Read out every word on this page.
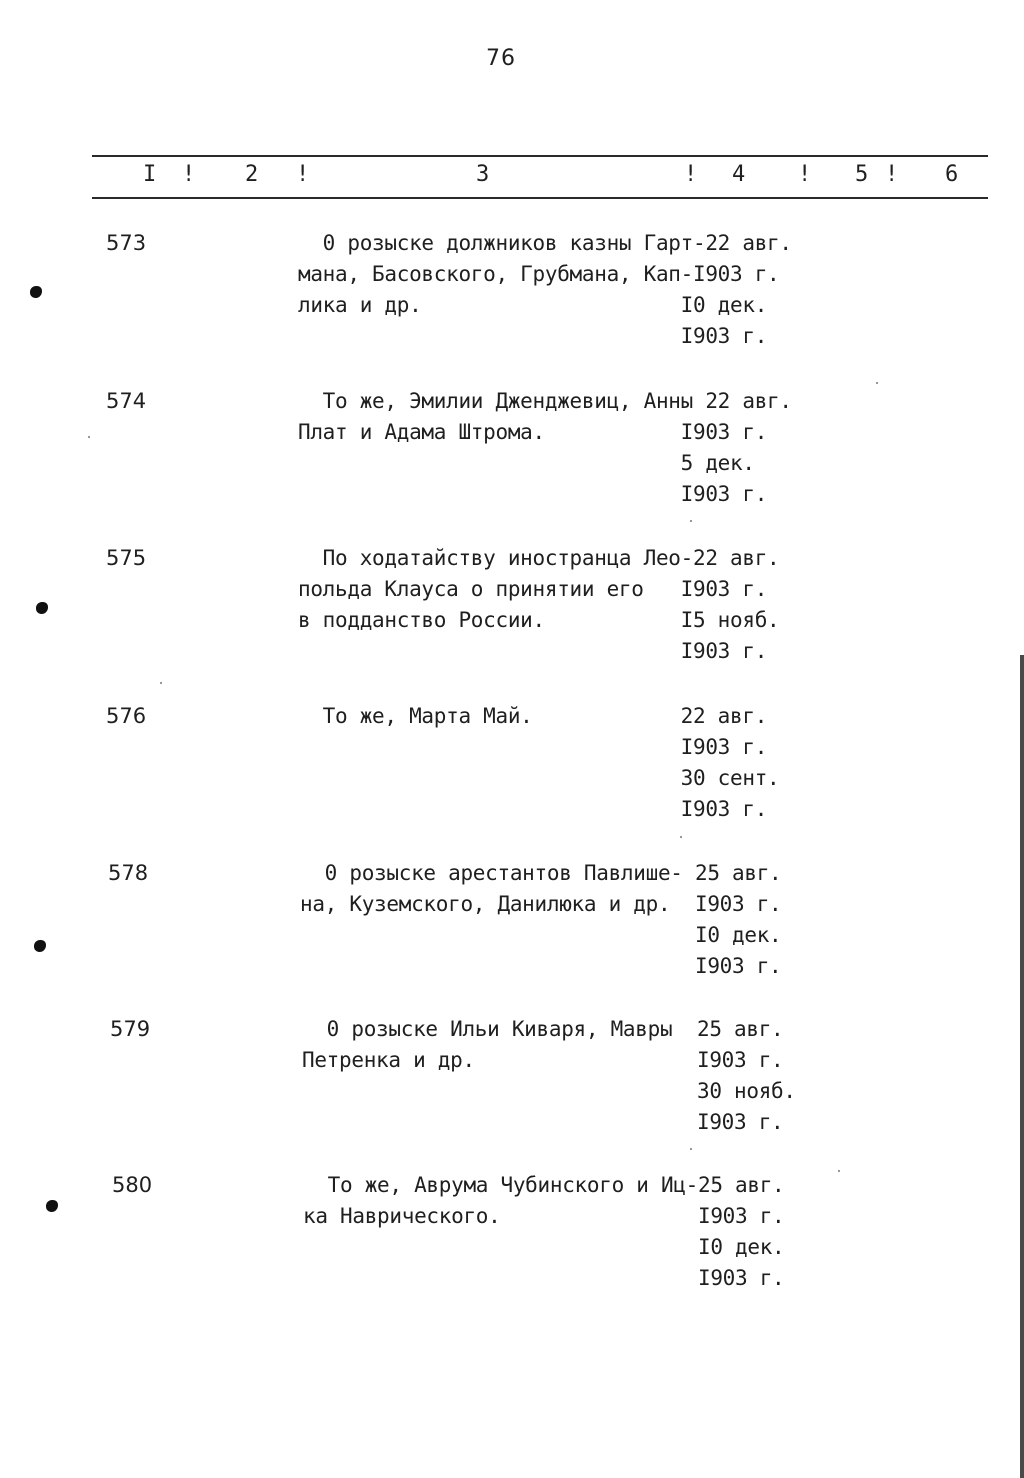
76
I ! 2 !	3	! 4 ! 5 ! 6
573	0 розыске должников казны Гарт-22 авг.
мана, Басовского, Грубмана, Кап-I903 г.
лика и др.                     I0 дек.
I903 г.
574	То же, Эмилии Дженджевиц, Анны 22 авг.
Плат и Адама Штрома.           I903 г.
5 дек.
I903 г.
575	По ходатайству иностранца Лео-22 авг.
польда Клауса о принятии его   I903 г.
в подданство России.           I5 нояб.
I903 г.
576	То же, Марта Май.            22 авг.
I903 г.
30 сент.
I903 г.
578	0 розыске арестантов Павлише- 25 авг.
на, Куземского, Данилюка и др.  I903 г.
I0 дек.
I903 г.
579	0 розыске Ильи Киваря, Мавры  25 авг.
Петренка и др.                  I903 г.
30 нояб.
I903 г.
580	То же, Аврума Чубинского и Иц-25 авг.
ка Навричеcкого.                I903 г.
I0 дек.
I903 г.
